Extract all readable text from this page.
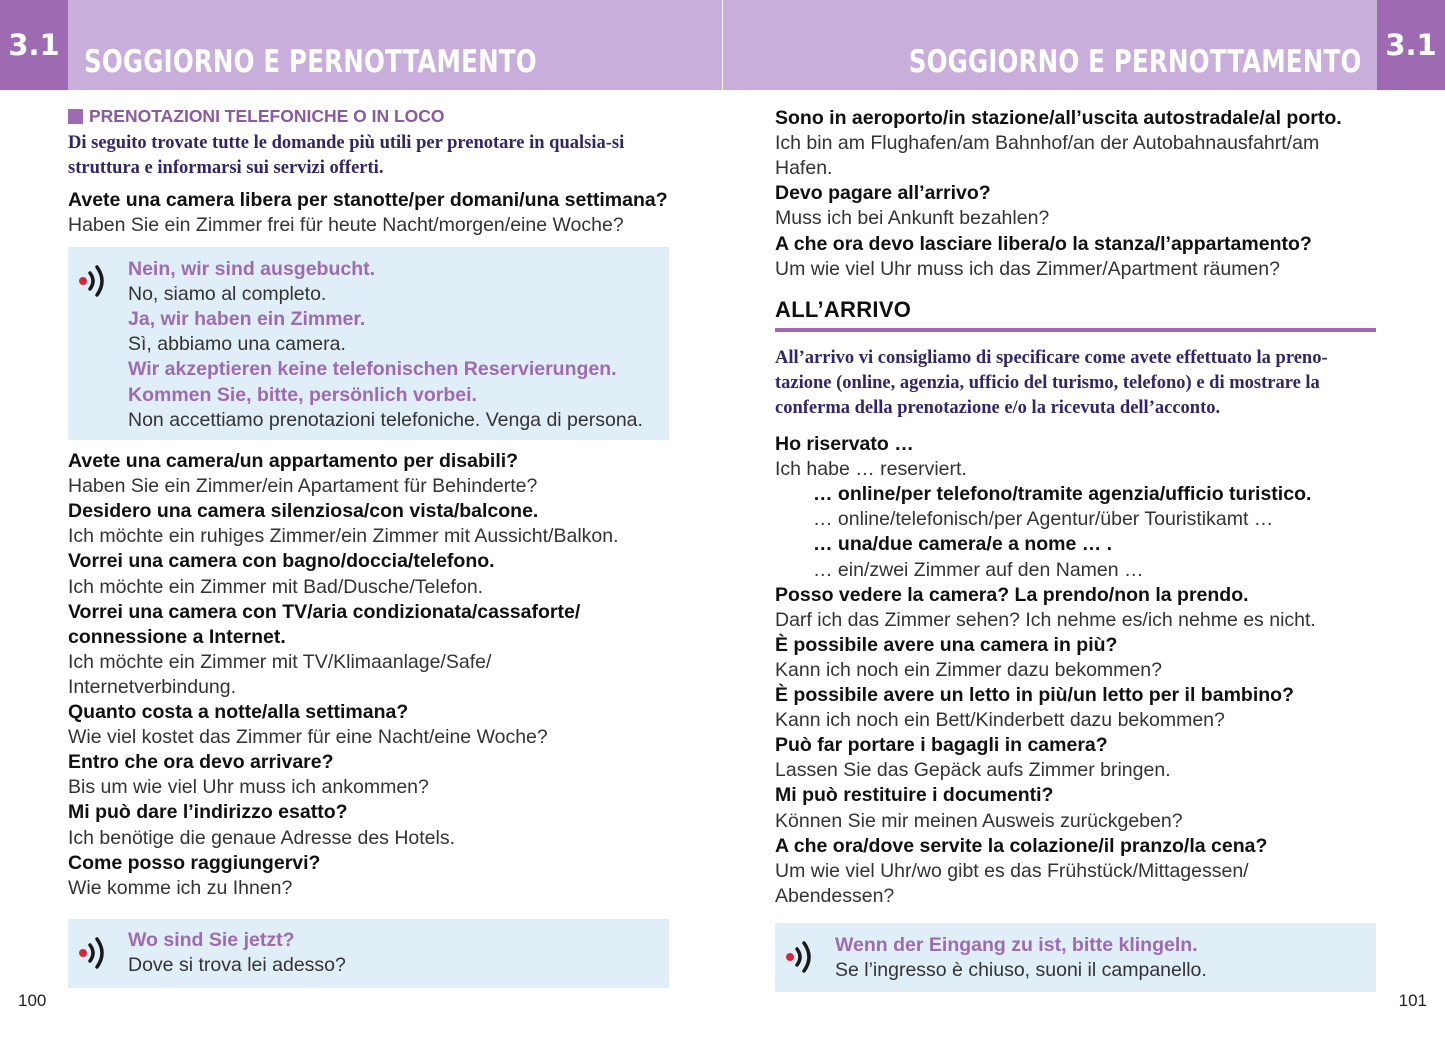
3.1 SOGGIORNO E PERNOTTAMENTO
PRENOTAZIONI TELEFONICHE O IN LOCO
Di seguito trovate tutte le domande più utili per prenotare in qualsia-si
struttura e informarsi sui servizi offerti.
Avete una camera libera per stanotte/per domani/una settimana?
Haben Sie ein Zimmer frei für heute Nacht/morgen/eine Woche?
Nein, wir sind ausgebucht.
No, siamo al completo.
Ja, wir haben ein Zimmer.
Sì, abbiamo una camera.
Wir akzeptieren keine telefonischen Reservierungen.
Kommen Sie, bitte, persönlich vorbei.
Non accettiamo prenotazioni telefoniche. Venga di persona.
Avete una camera/un appartamento per disabili?
Haben Sie ein Zimmer/ein Apartament für Behinderte?
Desidero una camera silenziosa/con vista/balcone.
Ich möchte ein ruhiges Zimmer/ein Zimmer mit Aussicht/Balkon.
Vorrei una camera con bagno/doccia/telefono.
Ich möchte ein Zimmer mit Bad/Dusche/Telefon.
Vorrei una camera con TV/aria condizionata/cassaforte/
connessione a Internet.
Ich möchte ein Zimmer mit TV/Klimaanlage/Safe/
Internetverbindung.
Quanto costa a notte/alla settimana?
Wie viel kostet das Zimmer für eine Nacht/eine Woche?
Entro che ora devo arrivare?
Bis um wie viel Uhr muss ich ankommen?
Mi può dare l’indirizzo esatto?
Ich benötige die genaue Adresse des Hotels.
Come posso raggiungervi?
Wie komme ich zu Ihnen?
Wo sind Sie jetzt?
Dove si trova lei adesso?
100
SOGGIORNO E PERNOTTAMENTO 3.1
Sono in aeroporto/in stazione/all’uscita autostradale/al porto.
Ich bin am Flughafen/am Bahnhof/an der Autobahnausfahrt/am
Hafen.
Devo pagare all’arrivo?
Muss ich bei Ankunft bezahlen?
A che ora devo lasciare libera/o la stanza/l’appartamento?
Um wie viel Uhr muss ich das Zimmer/Apartment räumen?
ALL’ARRIVO
All’arrivo vi consigliamo di specificare come avete effettuato la preno-
tazione (online, agenzia, ufficio del turismo, telefono) e di mostrare la
conferma della prenotazione e/o la ricevuta dell’acconto.
Ho riservato …
Ich habe … reserviert.
… online/per telefono/tramite agenzia/ufficio turistico.
… online/telefonisch/per Agentur/über Touristikamt …
… una/due camera/e a nome … .
… ein/zwei Zimmer auf den Namen …
Posso vedere la camera? La prendo/non la prendo.
Darf ich das Zimmer sehen? Ich nehme es/ich nehme es nicht.
È possibile avere una camera in più?
Kann ich noch ein Zimmer dazu bekommen?
È possibile avere un letto in più/un letto per il bambino?
Kann ich noch ein Bett/Kinderbett dazu bekommen?
Può far portare i bagagli in camera?
Lassen Sie das Gepäck aufs Zimmer bringen.
Mi può restituire i documenti?
Können Sie mir meinen Ausweis zurückgeben?
A che ora/dove servite la colazione/il pranzo/la cena?
Um wie viel Uhr/wo gibt es das Frühstück/Mittagessen/
Abendessen?
Wenn der Eingang zu ist, bitte klingeln.
Se l’ingresso è chiuso, suoni il campanello.
101
